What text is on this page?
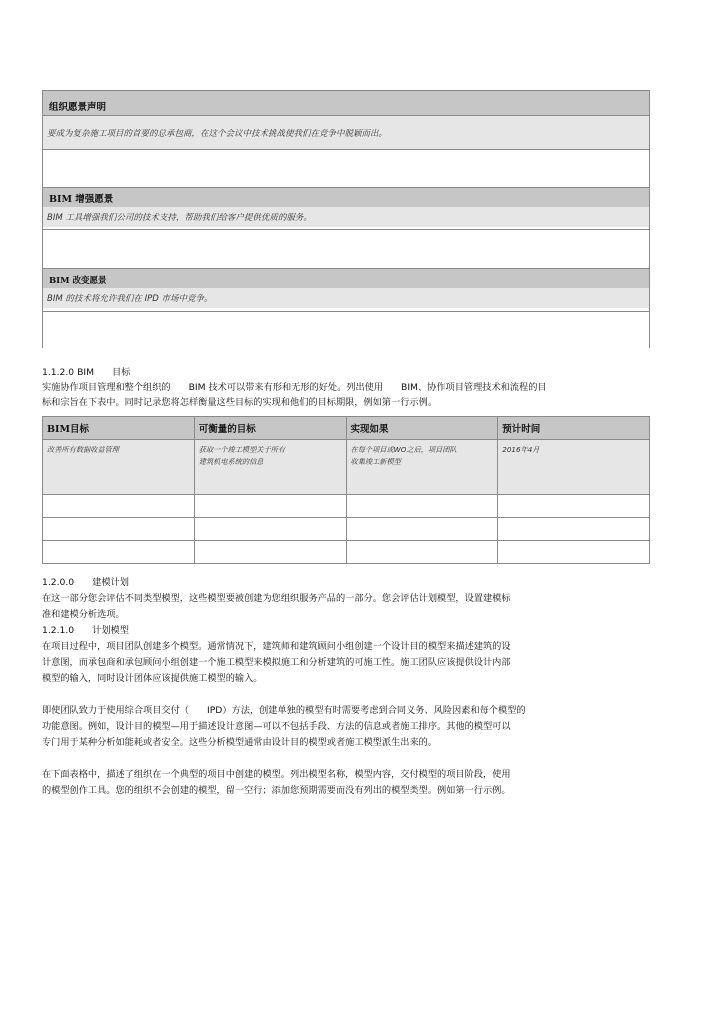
组织愿景声明
要成为复杂施工项目的首要的总承包商，在这个会议中技术挑战使我们在竞争中脱颖而出。
BIM 增强愿景
BIM 工具增强我们公司的技术支持，帮助我们给客户提供优质的服务。
BIM 改变愿景
BIM 的技术将允许我们在 IPD 市场中竞争。
1.1.2.0 BIM 目标
实施协作项目管理和整个组织的 BIM 技术可以带来有形和无形的好处。列出使用 BIM、协作项目管理技术和流程的目
标和宗旨在下表中。同时记录您将怎样衡量这些目标的实现和他们的目标期限，例如第一行示例。
BIM目标	可衡量的目标	实现如果	预计时间
改善所有数据收益管理	获取一个竣工模型关于所有
建筑机电系统的信息	在每个项目或WO之后，项目团队
收集竣工新模型	2016年4月

1.2.0.0 建模计划
在这一部分您会评估不同类型模型，这些模型要被创建为您组织服务产品的一部分。您会评估计划模型，设置建模标
准和建模分析选项。
1.2.1.0 计划模型
在项目过程中，项目团队创建多个模型。通常情况下，建筑师和建筑顾问小组创建一个设计目的模型来描述建筑的设
计意图，而承包商和承包顾问小组创建一个施工模型来模拟施工和分析建筑的可施工性。施工团队应该提供设计内部
模型的输入，同时设计团体应该提供施工模型的输入。
即使团队致力于使用综合项目交付（ IPD）方法，创建单独的模型有时需要考虑到合同义务、风险因素和每个模型的
功能意图。例如，设计目的模型—用于描述设计意图—可以不包括手段、方法的信息或者施工排序。其他的模型可以
专门用于某种分析如能耗或者安全。这些分析模型通常由设计目的模型或者施工模型派生出来的。
在下面表格中，描述了组织在一个典型的项目中创建的模型。列出模型名称，模型内容，交付模型的项目阶段，使用
的模型创作工具。您的组织不会创建的模型，留一空行；添加您预期需要而没有列出的模型类型。例如第一行示例。
